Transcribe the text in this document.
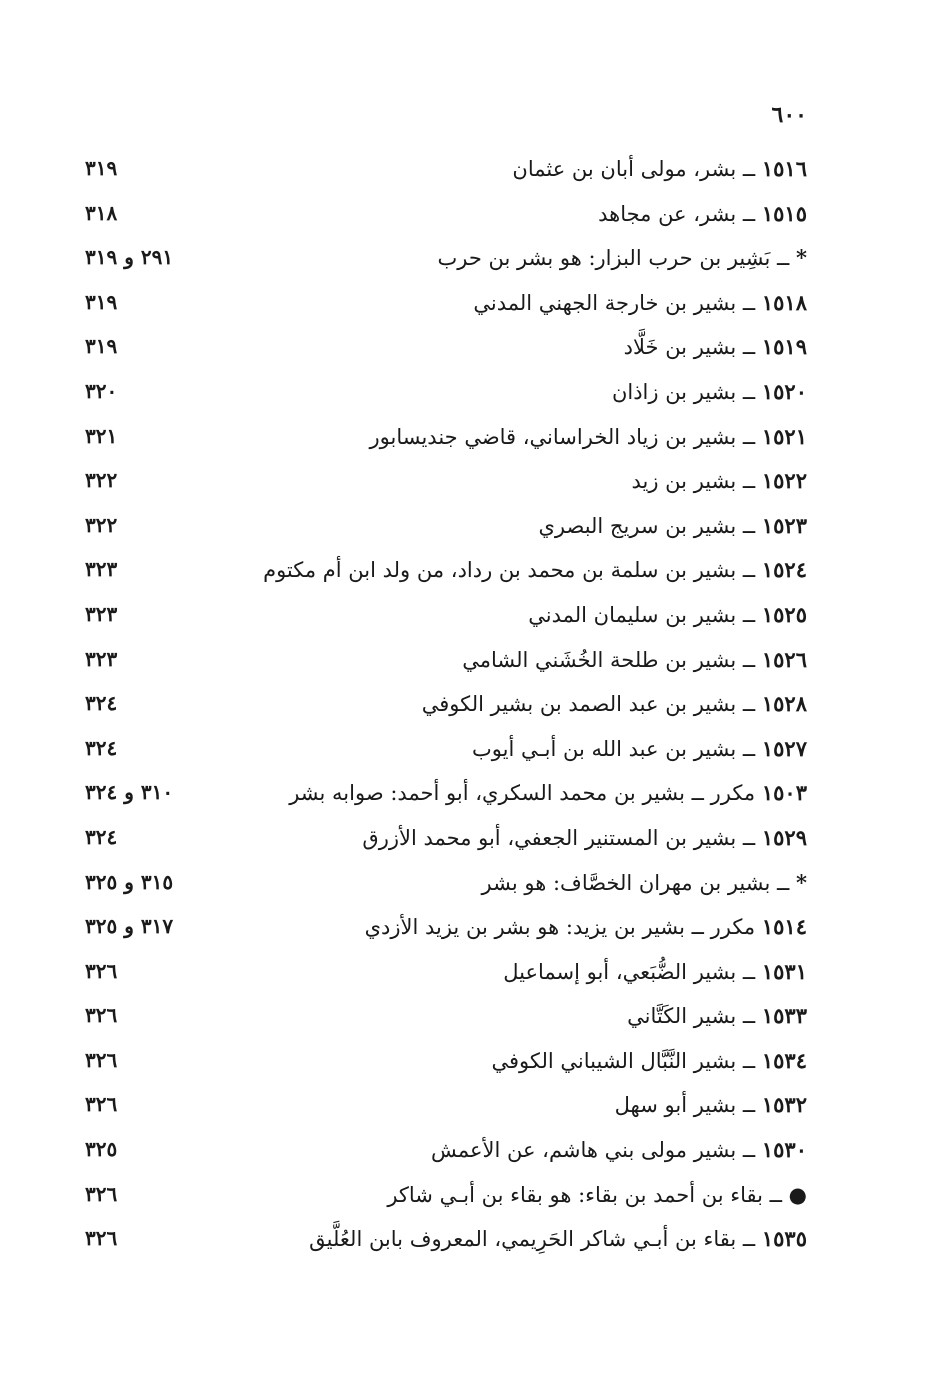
٦٠٠
١٥١٦ ــ بشر، مولى أبان بن عثمان
٣١٩
١٥١٥ ــ بشر، عن مجاهد
٣١٨
* ــ بَشِير بن حرب البزار: هو بشر بن حرب
٢٩١ و ٣١٩
١٥١٨ ــ بشير بن خارجة الجهني المدني
٣١٩
١٥١٩ ــ بشير بن خَلَّاد
٣١٩
١٥٢٠ ــ بشير بن زاذان
٣٢٠
١٥٢١ ــ بشير بن زياد الخراساني، قاضي جنديسابور
٣٢١
١٥٢٢ ــ بشير بن زيد
٣٢٢
١٥٢٣ ــ بشير بن سريج البصري
٣٢٢
١٥٢٤ ــ بشير بن سلمة بن محمد بن رداد، من ولد ابن أم مكتوم
٣٢٣
١٥٢٥ ــ بشير بن سليمان المدني
٣٢٣
١٥٢٦ ــ بشير بن طلحة الخُشَني الشامي
٣٢٣
١٥٢٨ ــ بشير بن عبد الصمد بن بشير الكوفي
٣٢٤
١٥٢٧ ــ بشير بن عبد الله بن أبـي أيوب
٣٢٤
١٥٠٣ مكرر ــ بشير بن محمد السكري، أبو أحمد: صوابه بشر
٣١٠ و ٣٢٤
١٥٢٩ ــ بشير بن المستنير الجعفي، أبو محمد الأزرق
٣٢٤
* ــ بشير بن مهران الخصَّاف: هو بشر
٣١٥ و ٣٢٥
١٥١٤ مكرر ــ بشير بن يزيد: هو بشر بن يزيد الأزدي
٣١٧ و ٣٢٥
١٥٣١ ــ بشير الضُّبَعي، أبو إسماعيل
٣٢٦
١٥٣٣ ــ بشير الكَتَّاني
٣٢٦
١٥٣٤ ــ بشير النَّبَّال الشيباني الكوفي
٣٢٦
١٥٣٢ ــ بشير أبو سهل
٣٢٦
١٥٣٠ ــ بشير مولى بني هاشم، عن الأعمش
٣٢٥
● ــ بقاء بن أحمد بن بقاء: هو بقاء بن أبـي شاكر
٣٢٦
١٥٣٥ ــ بقاء بن أبـي شاكر الحَرِيمي، المعروف بابن العُلَّيق
٣٢٦
